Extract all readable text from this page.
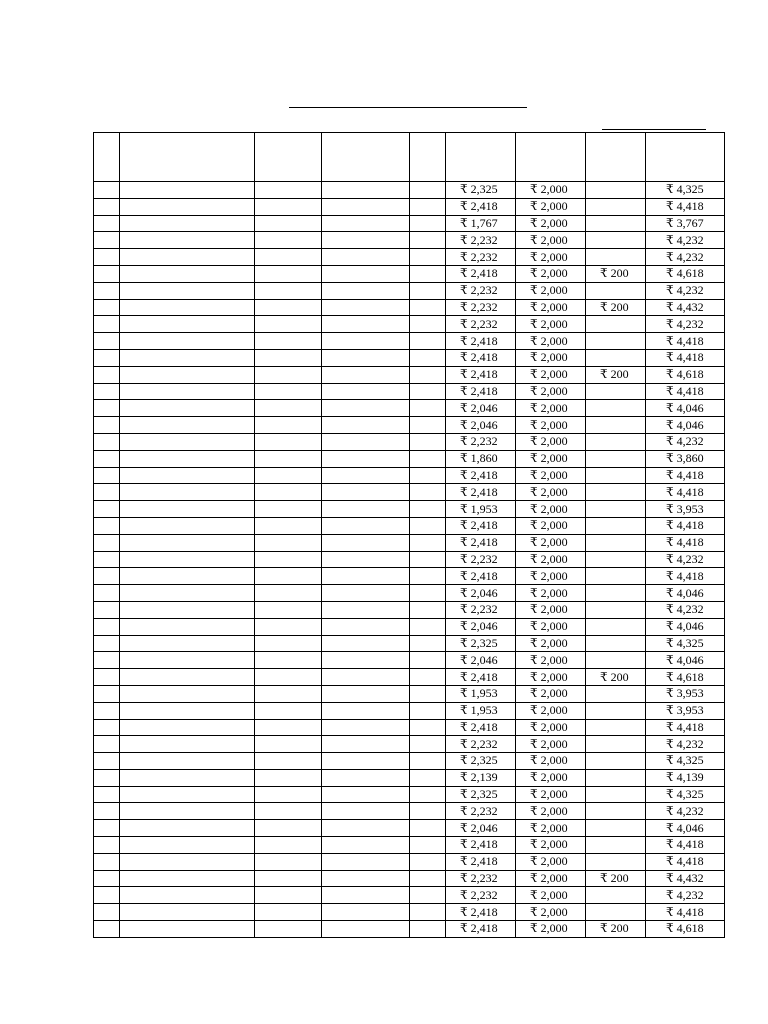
					₹ 2,325	₹ 2,000		₹ 4,325
					₹ 2,418	₹ 2,000		₹ 4,418
					₹ 1,767	₹ 2,000		₹ 3,767
					₹ 2,232	₹ 2,000		₹ 4,232
					₹ 2,232	₹ 2,000		₹ 4,232
					₹ 2,418	₹ 2,000	₹ 200	₹ 4,618
					₹ 2,232	₹ 2,000		₹ 4,232
					₹ 2,232	₹ 2,000	₹ 200	₹ 4,432
					₹ 2,232	₹ 2,000		₹ 4,232
					₹ 2,418	₹ 2,000		₹ 4,418
					₹ 2,418	₹ 2,000		₹ 4,418
					₹ 2,418	₹ 2,000	₹ 200	₹ 4,618
					₹ 2,418	₹ 2,000		₹ 4,418
					₹ 2,046	₹ 2,000		₹ 4,046
					₹ 2,046	₹ 2,000		₹ 4,046
					₹ 2,232	₹ 2,000		₹ 4,232
					₹ 1,860	₹ 2,000		₹ 3,860
					₹ 2,418	₹ 2,000		₹ 4,418
					₹ 2,418	₹ 2,000		₹ 4,418
					₹ 1,953	₹ 2,000		₹ 3,953
					₹ 2,418	₹ 2,000		₹ 4,418
					₹ 2,418	₹ 2,000		₹ 4,418
					₹ 2,232	₹ 2,000		₹ 4,232
					₹ 2,418	₹ 2,000		₹ 4,418
					₹ 2,046	₹ 2,000		₹ 4,046
					₹ 2,232	₹ 2,000		₹ 4,232
					₹ 2,046	₹ 2,000		₹ 4,046
					₹ 2,325	₹ 2,000		₹ 4,325
					₹ 2,046	₹ 2,000		₹ 4,046
					₹ 2,418	₹ 2,000	₹ 200	₹ 4,618
					₹ 1,953	₹ 2,000		₹ 3,953
					₹ 1,953	₹ 2,000		₹ 3,953
					₹ 2,418	₹ 2,000		₹ 4,418
					₹ 2,232	₹ 2,000		₹ 4,232
					₹ 2,325	₹ 2,000		₹ 4,325
					₹ 2,139	₹ 2,000		₹ 4,139
					₹ 2,325	₹ 2,000		₹ 4,325
					₹ 2,232	₹ 2,000		₹ 4,232
					₹ 2,046	₹ 2,000		₹ 4,046
					₹ 2,418	₹ 2,000		₹ 4,418
					₹ 2,418	₹ 2,000		₹ 4,418
					₹ 2,232	₹ 2,000	₹ 200	₹ 4,432
					₹ 2,232	₹ 2,000		₹ 4,232
					₹ 2,418	₹ 2,000		₹ 4,418
					₹ 2,418	₹ 2,000	₹ 200	₹ 4,618
